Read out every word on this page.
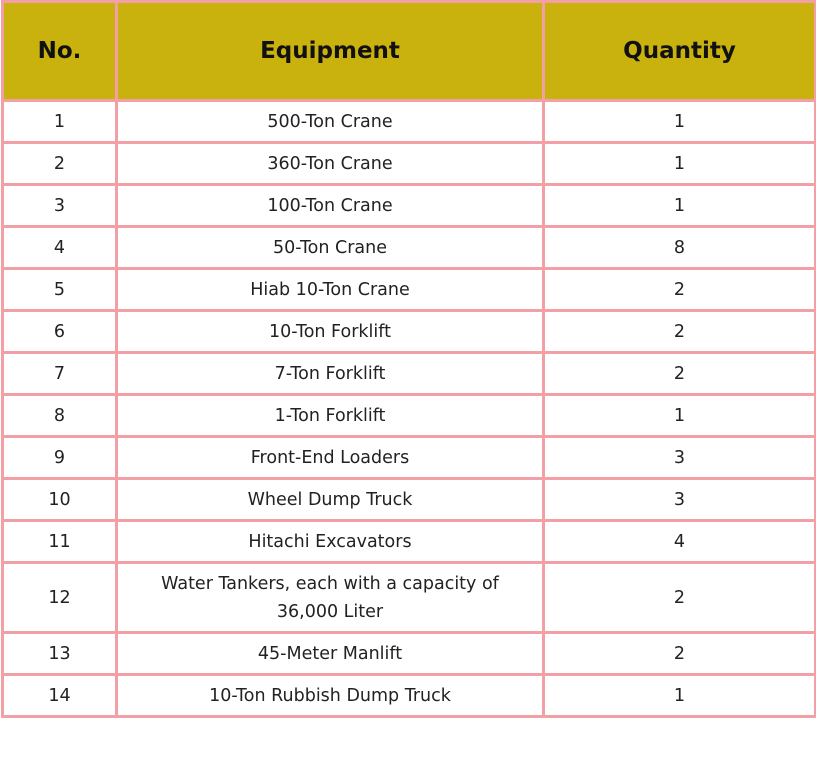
No.	Equipment	Quantity
1	500-Ton Crane	1
2	360-Ton Crane	1
3	100-Ton Crane	1
4	50-Ton Crane	8
5	Hiab 10-Ton Crane	2
6	10-Ton Forklift	2
7	7-Ton Forklift	2
8	1-Ton Forklift	1
9	Front-End Loaders	3
10	Wheel Dump Truck	3
11	Hitachi Excavators	4
12	Water Tankers, each with a capacity of 36,000 Liter	2
13	45-Meter Manlift	2
14	10-Ton Rubbish Dump Truck	1
